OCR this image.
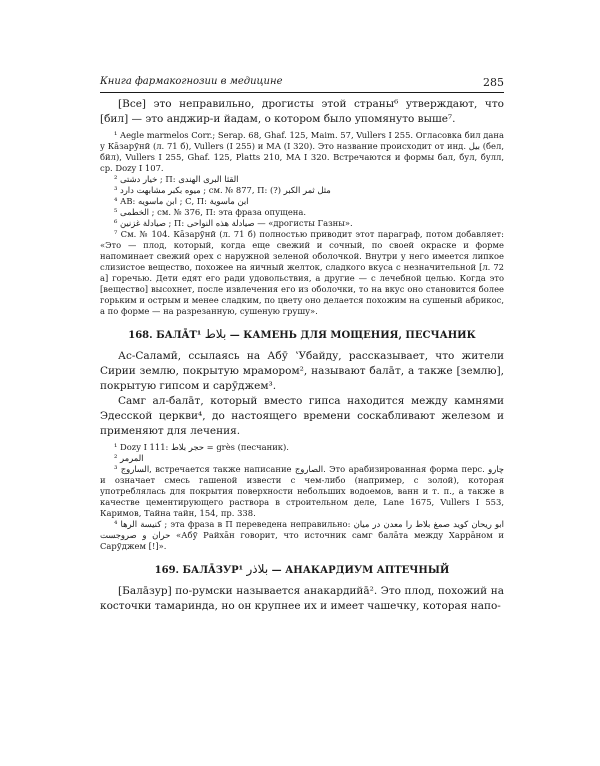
Книга фармакогнозии в медицине	285

[Все] это неправильно, дрогисты этой страны⁶ утверждают, что [бил] — это анджир-и йадам, о котором было упомянуто выше⁷.

¹ Aegle marmelos Corr.; Serap. 68, Ghaf. 125, Maim. 57, Vullers I 255. Огласовка бил дана у Кāзарӯнӣ (л. 71 б), Vullers (I 255) и МА (I 320). Это название происходит от инд. بيل (бел, бйл), Vullers I 255, Ghaf. 125, Platts 210, MA I 320. Встречаются и формы бал, бул, булл, ср. Dozy I 107.

² خيار دشتى ; П: القثا البرى الهندى

³ ميوه بكبر مشابهت دارد ; см. № 877, П: (?) مثل ثمر الكبر

⁴ АВ: ابن ماسويه ; С, П: ابن ماسوية

⁵ الخطمى ; см. № 376, П: эта фраза опущена.

⁶ صيادلة غزنين ; П: صيادلة هذه النواحى — «дрогисты Газны».

⁷ См. № 104. Кāзарӯнӣ (л. 71 б) полностью приводит этот параграф, потом добавляет: «Это — плод, который, когда еще свежий и сочный, по своей окраске и форме напоминает свежий орех с наружной зеленой оболочкой. Внутри у него имеется липкое слизистое вещество, похожее на яичный желток, сладкого вкуса с незначительной [л. 72 а] горечью. Дети едят его ради удовольствия, а другие — с лечебной целью. Когда это [вещество] высохнет, после извлечения его из оболочки, то на вкус оно становится более горьким и острым и менее сладким, по цвету оно делается похожим на сушеный абрикос, а по форме — на разрезанную, сушеную грушу».

168. БАЛĀТ¹ بلاط — КАМЕНЬ ДЛЯ МОЩЕНИЯ, ПЕСЧАНИК

Ас-Саламӣ, ссылаясь на Абӯ ʽУбайду, рассказывает, что жители Сирии землю, покрытую мрамором², называют балāт, а также [землю], покрытую гипсом и сарӯджем³.

Самг ал-балāт, который вместо гипса находится между камнями Эдесской церкви⁴, до настоящего времени соскабливают железом и применяют для лечения.

¹ Dozy I 111: حجر بلاط = grès (песчаник).

² المرمر

³ الساروج, встречается также написание الصاروج. Это арабизированная форма перс. چارو и означает смесь гашеной извести с чем-либо (например, с золой), которая употреблялась для покрытия поверхности небольших водоемов, ванн и т. п., а также в качестве цементирующего раствора в строительном деле, Lane 1675, Vullers I 553, Каримов, Тайна тайн, 154, пр. 338.

⁴ كنيسة الرها ; эта фраза в П переведена неправильно: ابو ريحان كويد صمغ بلاط را معدن در ميان حران و صروجست «Абӯ Райхāн говорит, что источник самг балāта между Харрāном и Сарӯджем [!]».

169. БАЛĀЗУР¹ بلاذر — АНАКАРДИУМ АПТЕЧНЫЙ

[Балāзур] по-румски называется анакардийā². Это плод, похожий на косточки тамаринда, но он крупнее их и имеет чашечку, которая напо-
